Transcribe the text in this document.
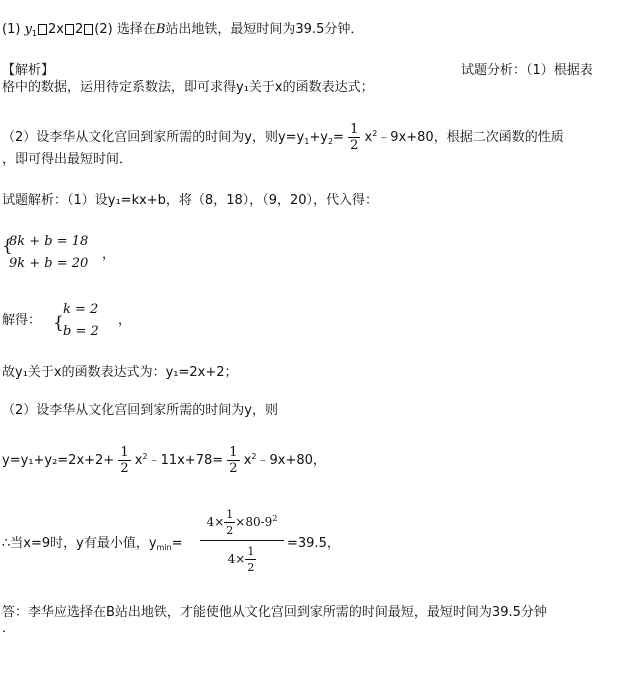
(1) $y_1$ 2x 2 (2) 选择在B站出地铁，最短时间为39.5分钟．
【解析】	试题分析：（1）根据表
格中的数据，运用待定系数法，即可求得y₁关于x的函数表达式；
（2）设李华从文化宫回到家所需的时间为y，则$y=y_1+y_2= \frac{1}{2}$ $x^2﹣9x+80$，根据二次函数的性质
，即可得出最短时间．
试题解析：（1）设y₁=kx+b，将（8，18），（9，20），代入得：
{
8k + b = 18
9k + b = 20
，
解得： {
k = 2
b = 2
，
故y₁关于x的函数表达式为：y₁=2x+2；
（2）设李华从文化宫回到家所需的时间为y，则
$y=y_1+y_2=2x+2+ \frac{1}{2}$ $x^2﹣11x+78= \frac{1}{2}$ $x^2﹣9x+80$，
∴当x=9时，y有最小值，$y_{min}= \frac{4\times \frac{1}{2} \times 80-9^2}{4\times \frac{1}{2}} =39.5$，
答：李华应选择在B站出地铁，才能使他从文化宫回到家所需的时间最短，最短时间为39.5分钟
．
